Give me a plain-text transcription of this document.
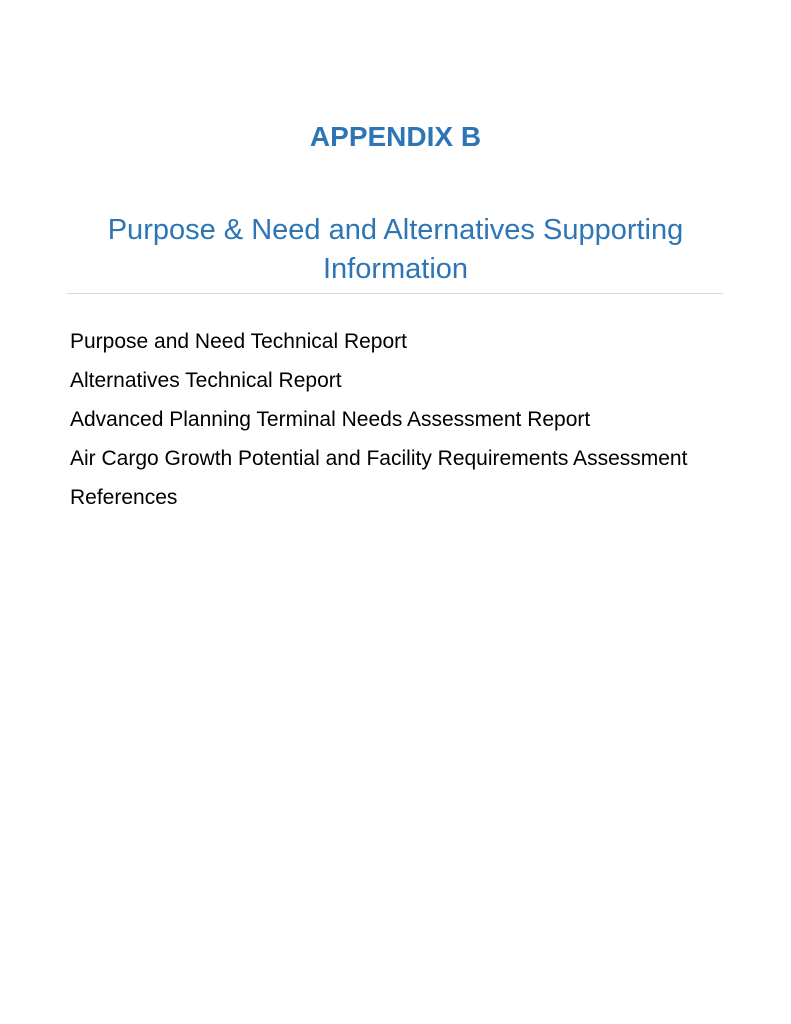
APPENDIX B
Purpose & Need and Alternatives Supporting Information
Purpose and Need Technical Report
Alternatives Technical Report
Advanced Planning Terminal Needs Assessment Report
Air Cargo Growth Potential and Facility Requirements Assessment
References
